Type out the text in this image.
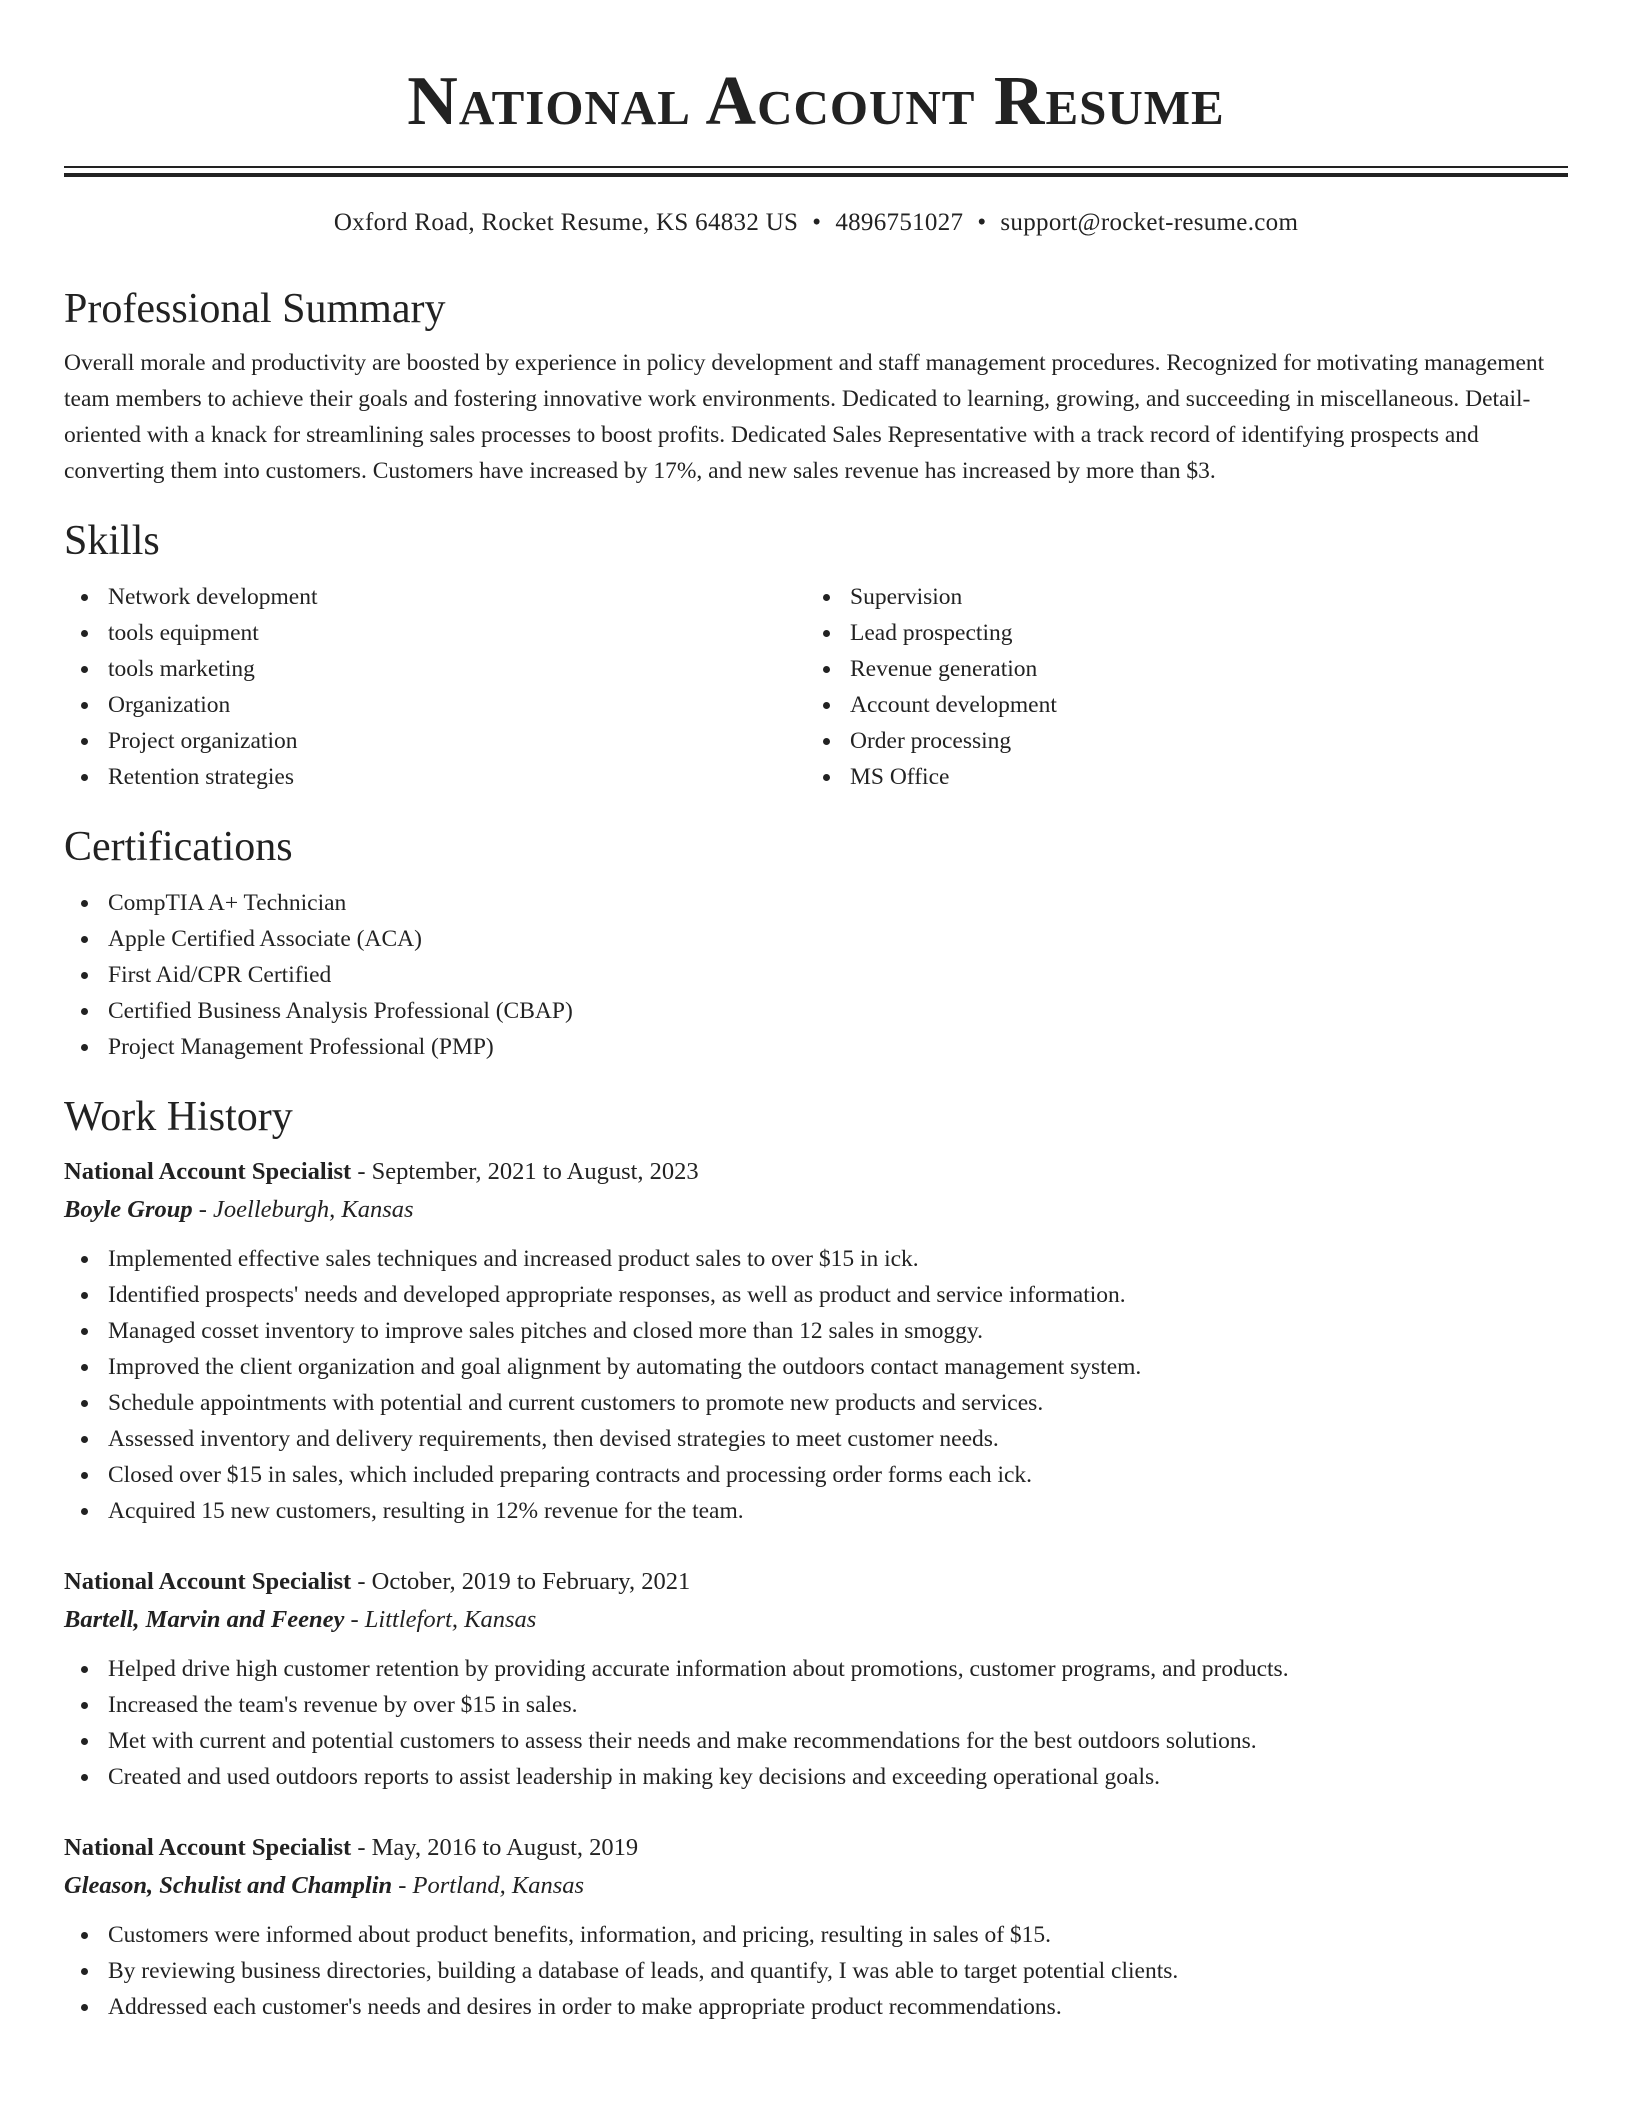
National Account Resume
Oxford Road, Rocket Resume, KS 64832 US • 4896751027 • support@rocket-resume.com
Professional Summary

Overall morale and productivity are boosted by experience in policy development and staff management procedures. Recognized for motivating management team members to achieve their goals and fostering innovative work environments. Dedicated to learning, growing, and succeeding in miscellaneous. Detail-oriented with a knack for streamlining sales processes to boost profits. Dedicated Sales Representative with a track record of identifying prospects and converting them into customers. Customers have increased by 17%, and new sales revenue has increased by more than $3.

Skills
Network development
tools equipment
tools marketing
Organization
Project organization
Retention strategies
Supervision
Lead prospecting
Revenue generation
Account development
Order processing
MS Office
Certifications
CompTIA A+ Technician
Apple Certified Associate (ACA)
First Aid/CPR Certified
Certified Business Analysis Professional (CBAP)
Project Management Professional (PMP)
Work History
National Account Specialist - September, 2021 to August, 2023
Boyle Group - Joelleburgh, Kansas
Implemented effective sales techniques and increased product sales to over $15 in ick.
Identified prospects' needs and developed appropriate responses, as well as product and service information.
Managed cosset inventory to improve sales pitches and closed more than 12 sales in smoggy.
Improved the client organization and goal alignment by automating the outdoors contact management system.
Schedule appointments with potential and current customers to promote new products and services.
Assessed inventory and delivery requirements, then devised strategies to meet customer needs.
Closed over $15 in sales, which included preparing contracts and processing order forms each ick.
Acquired 15 new customers, resulting in 12% revenue for the team.
National Account Specialist - October, 2019 to February, 2021
Bartell, Marvin and Feeney - Littlefort, Kansas
Helped drive high customer retention by providing accurate information about promotions, customer programs, and products.
Increased the team's revenue by over $15 in sales.
Met with current and potential customers to assess their needs and make recommendations for the best outdoors solutions.
Created and used outdoors reports to assist leadership in making key decisions and exceeding operational goals.
National Account Specialist - May, 2016 to August, 2019
Gleason, Schulist and Champlin - Portland, Kansas
Customers were informed about product benefits, information, and pricing, resulting in sales of $15.
By reviewing business directories, building a database of leads, and quantify, I was able to target potential clients.
Addressed each customer's needs and desires in order to make appropriate product recommendations.
